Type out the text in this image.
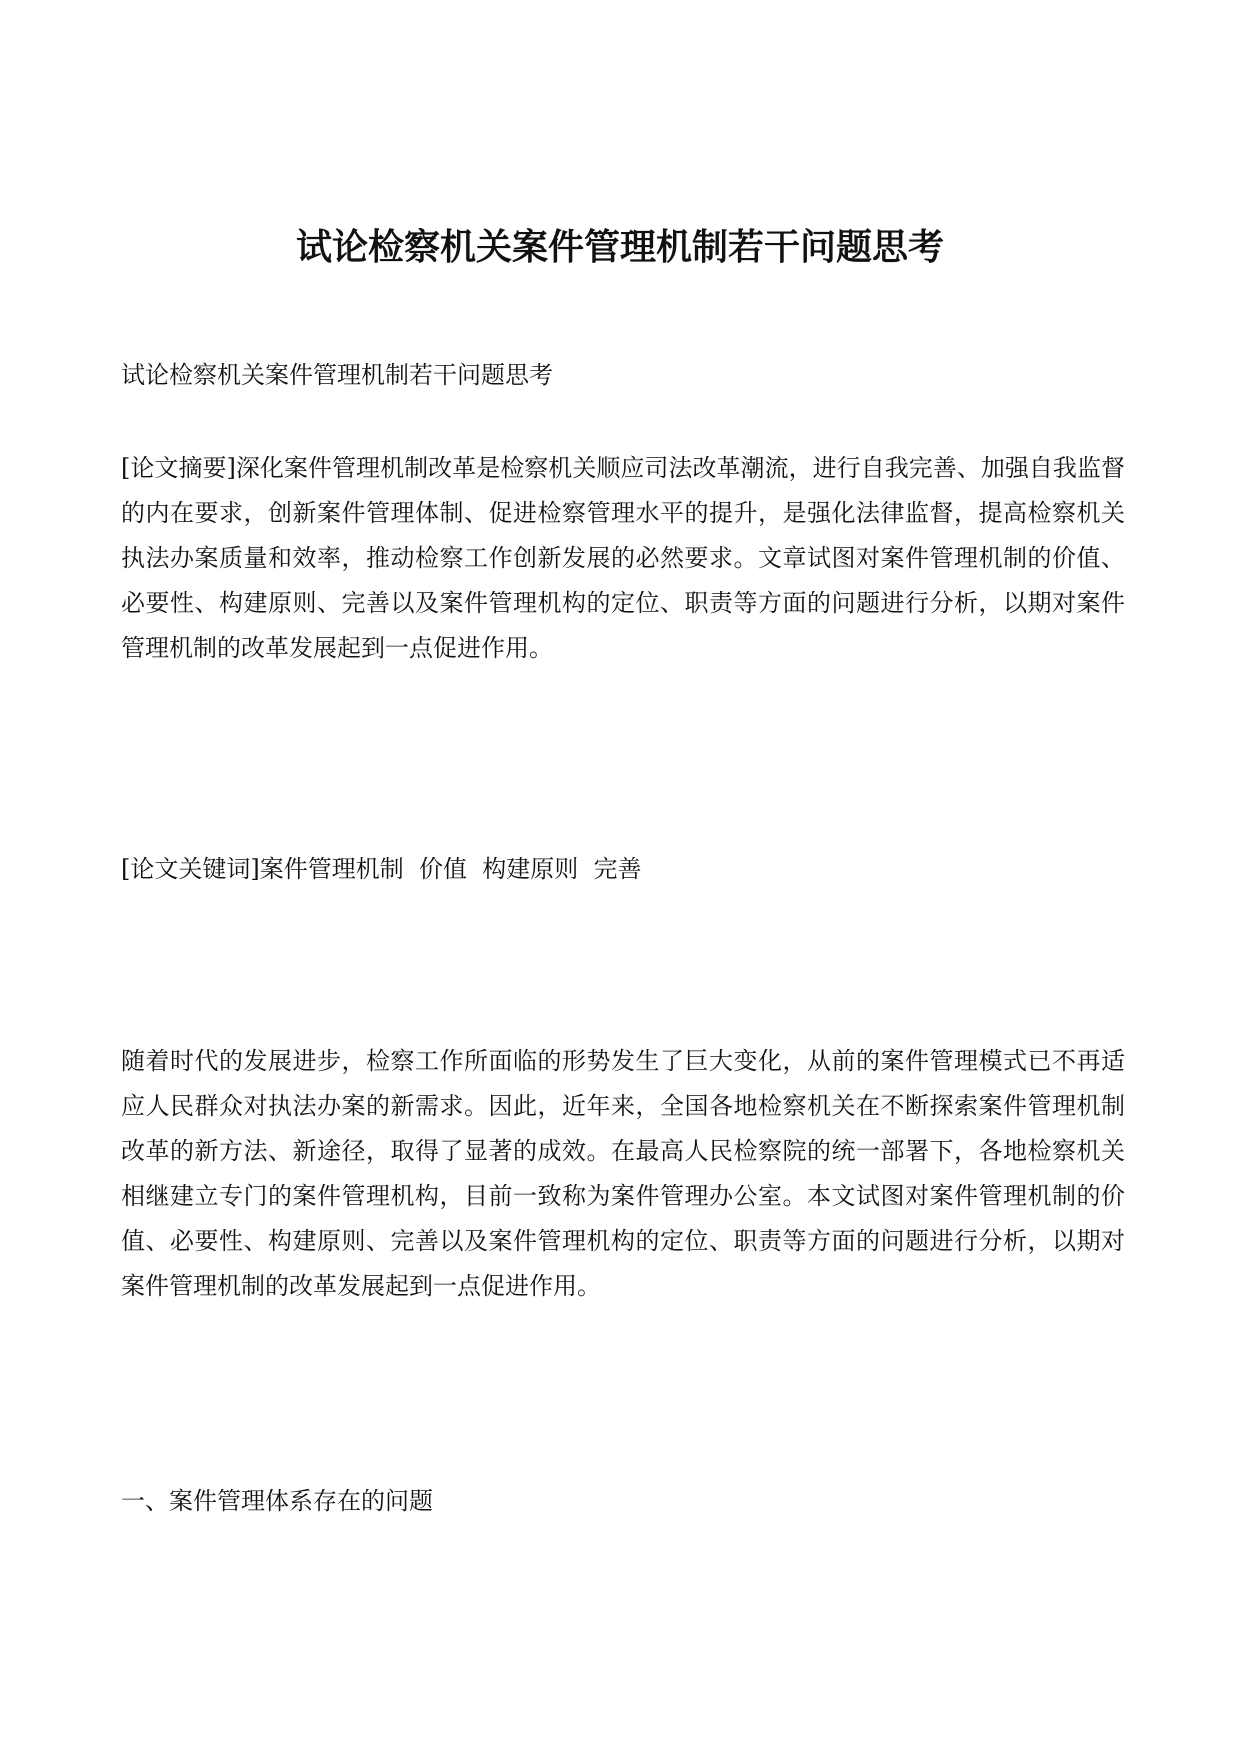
试论检察机关案件管理机制若干问题思考
试论检察机关案件管理机制若干问题思考
[论文摘要]深化案件管理机制改革是检察机关顺应司法改革潮流，进行自我完善、加强自我监督的内在要求，创新案件管理体制、促进检察管理水平的提升，是强化法律监督，提高检察机关执法办案质量和效率，推动检察工作创新发展的必然要求。文章试图对案件管理机制的价值、必要性、构建原则、完善以及案件管理机构的定位、职责等方面的问题进行分析，以期对案件管理机制的改革发展起到一点促进作用。
[论文关键词]案件管理机制  价值  构建原则  完善
随着时代的发展进步，检察工作所面临的形势发生了巨大变化，从前的案件管理模式已不再适应人民群众对执法办案的新需求。因此，近年来，全国各地检察机关在不断探索案件管理机制改革的新方法、新途径，取得了显著的成效。在最高人民检察院的统一部署下，各地检察机关相继建立专门的案件管理机构，目前一致称为案件管理办公室。本文试图对案件管理机制的价值、必要性、构建原则、完善以及案件管理机构的定位、职责等方面的问题进行分析，以期对案件管理机制的改革发展起到一点促进作用。
一、案件管理体系存在的问题
